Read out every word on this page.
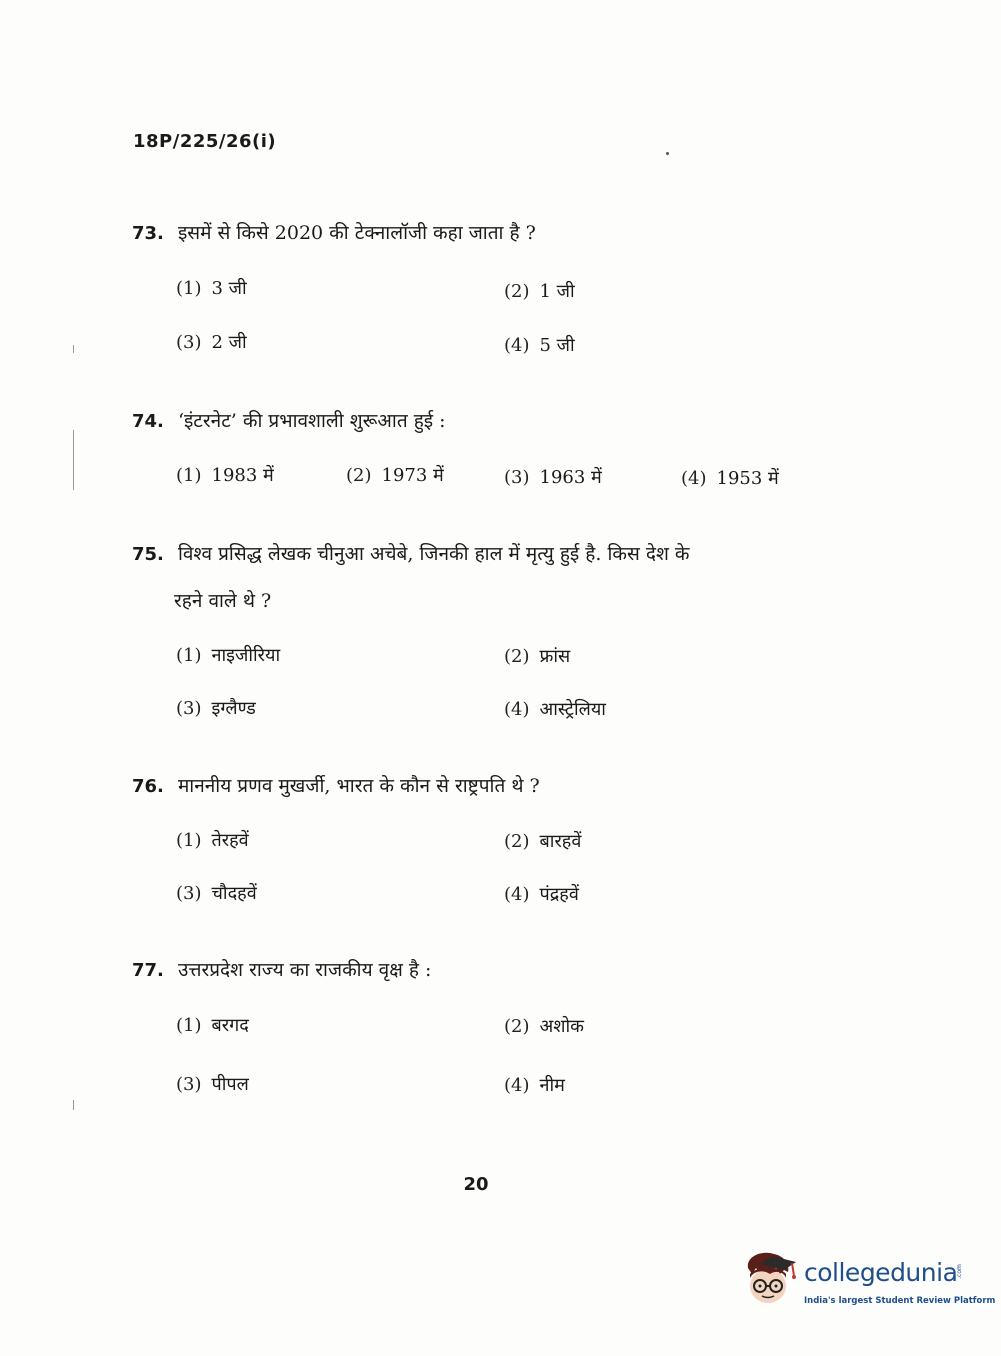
18P/225/26(i)
73. इसमें से किसे 2020 की टेक्नालॉजी कहा जाता है ?
(1) 3 जी	(2) 1 जी
(3) 2 जी	(4) 5 जी
74. ‘इंटरनेट’ की प्रभावशाली शुरूआत हुई :
(1) 1983 में	(2) 1973 में	(3) 1963 में	(4) 1953 में
75. विश्व प्रसिद्ध लेखक चीनुआ अचेबे, जिनकी हाल में मृत्यु हुई है. किस देश के
रहने वाले थे ?
(1) नाइजीरिया	(2) फ्रांस
(3) इग्लैण्ड	(4) आस्ट्रेलिया
76. माननीय प्रणव मुखर्जी, भारत के कौन से राष्ट्रपति थे ?
(1) तेरहवें	(2) बारहवें
(3) चौदहवें	(4) पंद्रहवें
77. उत्तरप्रदेश राज्य का राजकीय वृक्ष है :
(1) बरगद	(2) अशोक
(3) पीपल	(4) नीम
20
collegedunia
.com
India's largest Student Review Platform
